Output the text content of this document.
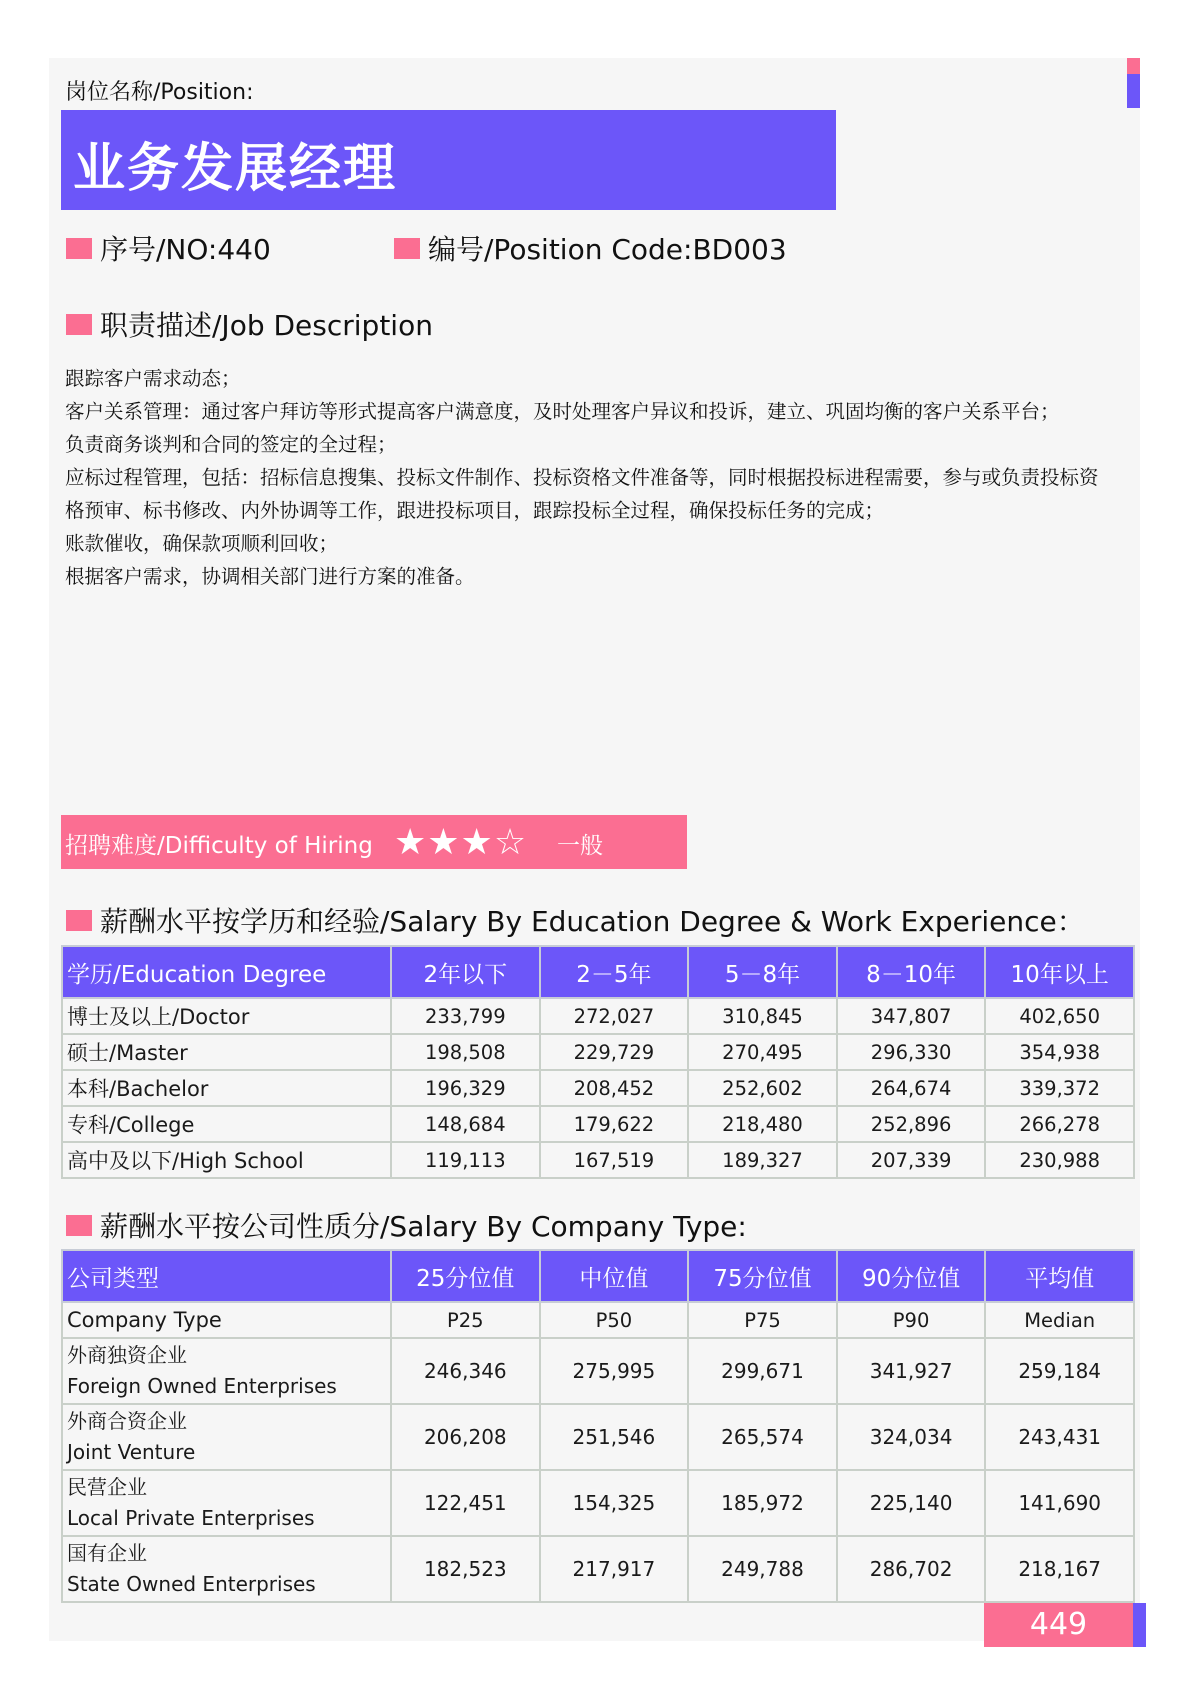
岗位名称/Position:
业务发展经理
序号/NO:440	编号/Position Code:BD003
职责描述/Job Description
跟踪客户需求动态；
客户关系管理：通过客户拜访等形式提高客户满意度，及时处理客户异议和投诉，建立、巩固均衡的客户关系平台；
负责商务谈判和合同的签定的全过程；
应标过程管理，包括：招标信息搜集、投标文件制作、投标资格文件准备等，同时根据投标进程需要，参与或负责投标资
格预审、标书修改、内外协调等工作，跟进投标项目，跟踪投标全过程，确保投标任务的完成；
账款催收，确保款项顺利回收；
根据客户需求，协调相关部门进行方案的准备。
招聘难度/Difficulty of Hiring ★★★☆ 一般
薪酬水平按学历和经验/Salary By Education Degree & Work Experience：
学历/Education Degree	2年以下	2－5年	5－8年	8－10年	10年以上
博士及以上/Doctor	233,799	272,027	310,845	347,807	402,650
硕士/Master	198,508	229,729	270,495	296,330	354,938
本科/Bachelor	196,329	208,452	252,602	264,674	339,372
专科/College	148,684	179,622	218,480	252,896	266,278
高中及以下/High School	119,113	167,519	189,327	207,339	230,988
薪酬水平按公司性质分/Salary By Company Type:
公司类型	25分位值	中位值	75分位值	90分位值	平均值
Company Type	P25	P50	P75	P90	Median

外商独资企业
Foreign Owned Enterprises	246,346	275,995	299,671	341,927	259,184

外商合资企业
Joint Venture	206,208	251,546	265,574	324,034	243,431

民营企业
Local Private Enterprises	122,451	154,325	185,972	225,140	141,690

国有企业
State Owned Enterprises	182,523	217,917	249,788	286,702	218,167
449
